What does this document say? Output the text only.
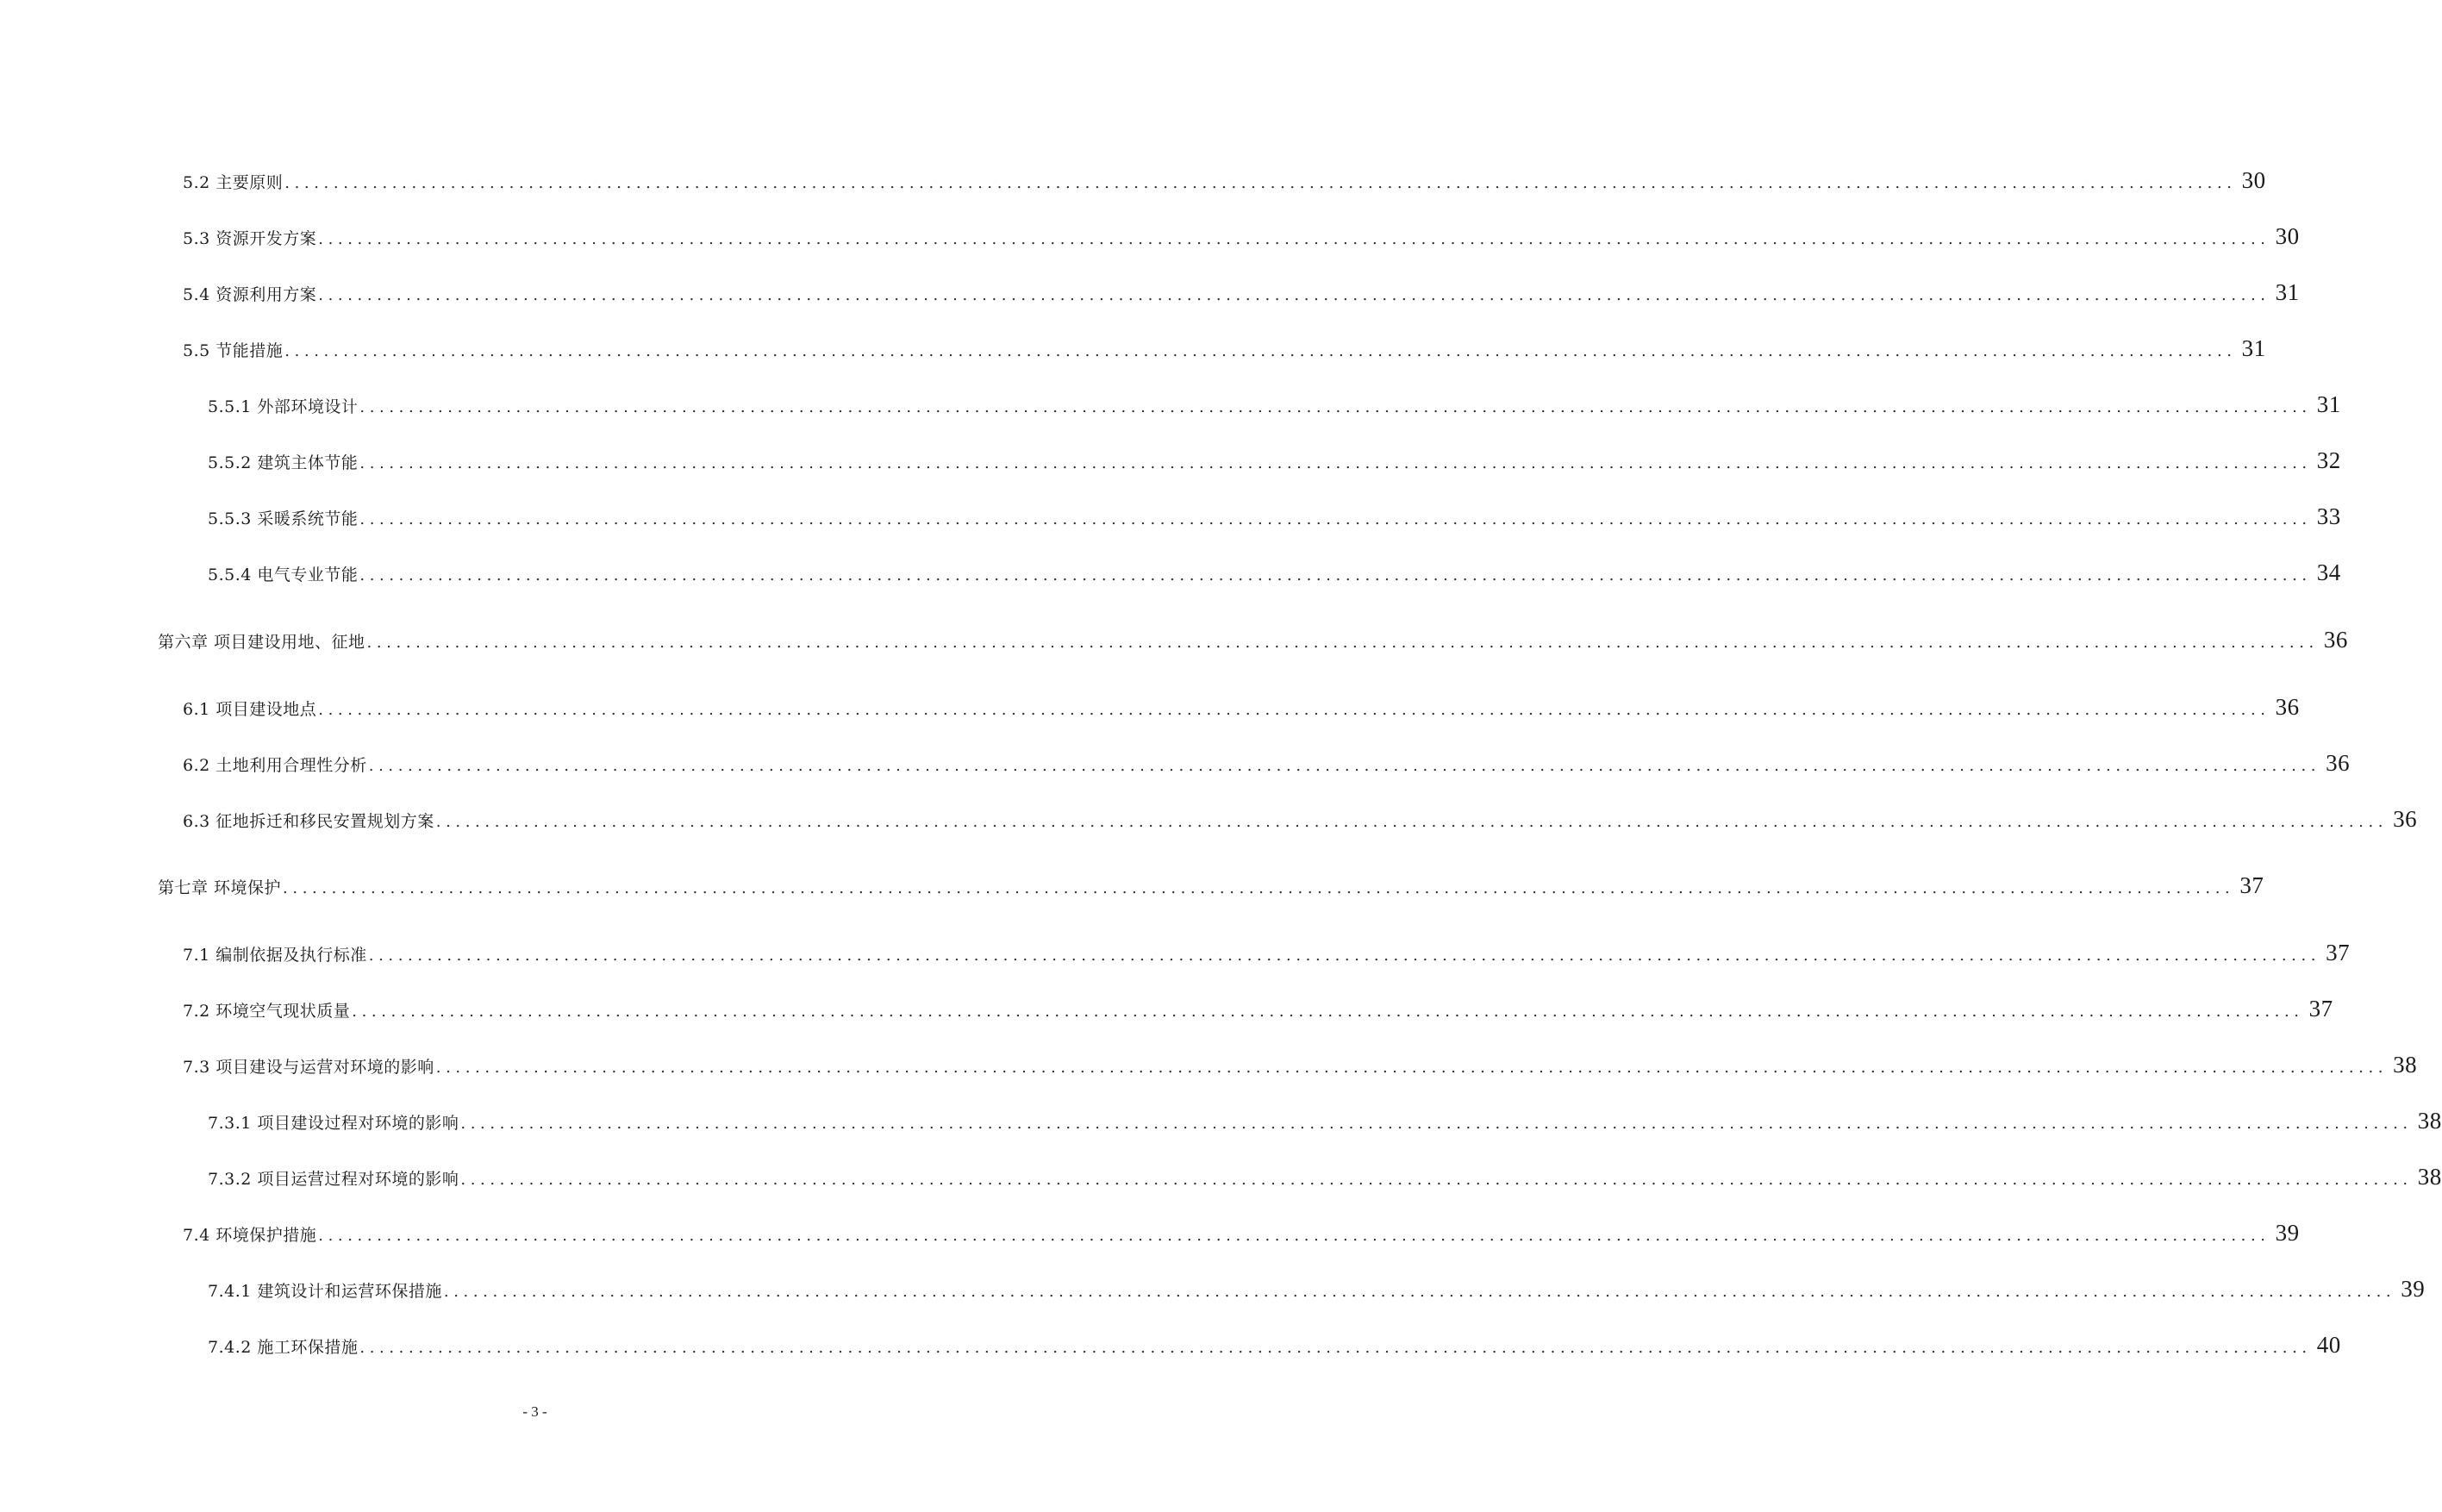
5.2 主要原则 ........................................................................................................................................................................................................ 30
5.3 资源开发方案 ........................................................................................................................................................................................................ 30
5.4 资源利用方案 ........................................................................................................................................................................................................ 31
5.5 节能措施 ........................................................................................................................................................................................................ 31
5.5.1 外部环境设计 ........................................................................................................................................................................................................ 31
5.5.2 建筑主体节能 ........................................................................................................................................................................................................ 32
5.5.3 采暖系统节能 ........................................................................................................................................................................................................ 33
5.5.4 电气专业节能 ........................................................................................................................................................................................................ 34
第六章 项目建设用地、征地 ........................................................................................................................................................................................................ 36
6.1 项目建设地点 ........................................................................................................................................................................................................ 36
6.2 土地利用合理性分析 ........................................................................................................................................................................................................ 36
6.3 征地拆迁和移民安置规划方案 ........................................................................................................................................................................................................ 36
第七章 环境保护 ........................................................................................................................................................................................................ 37
7.1 编制依据及执行标准 ........................................................................................................................................................................................................ 37
7.2 环境空气现状质量 ........................................................................................................................................................................................................ 37
7.3 项目建设与运营对环境的影响 ........................................................................................................................................................................................................ 38
7.3.1 项目建设过程对环境的影响 ........................................................................................................................................................................................................ 38
7.3.2 项目运营过程对环境的影响 ........................................................................................................................................................................................................ 38
7.4 环境保护措施 ........................................................................................................................................................................................................ 39
7.4.1 建筑设计和运营环保措施 ........................................................................................................................................................................................................ 39
7.4.2 施工环保措施 ........................................................................................................................................................................................................ 40
- 3 -
